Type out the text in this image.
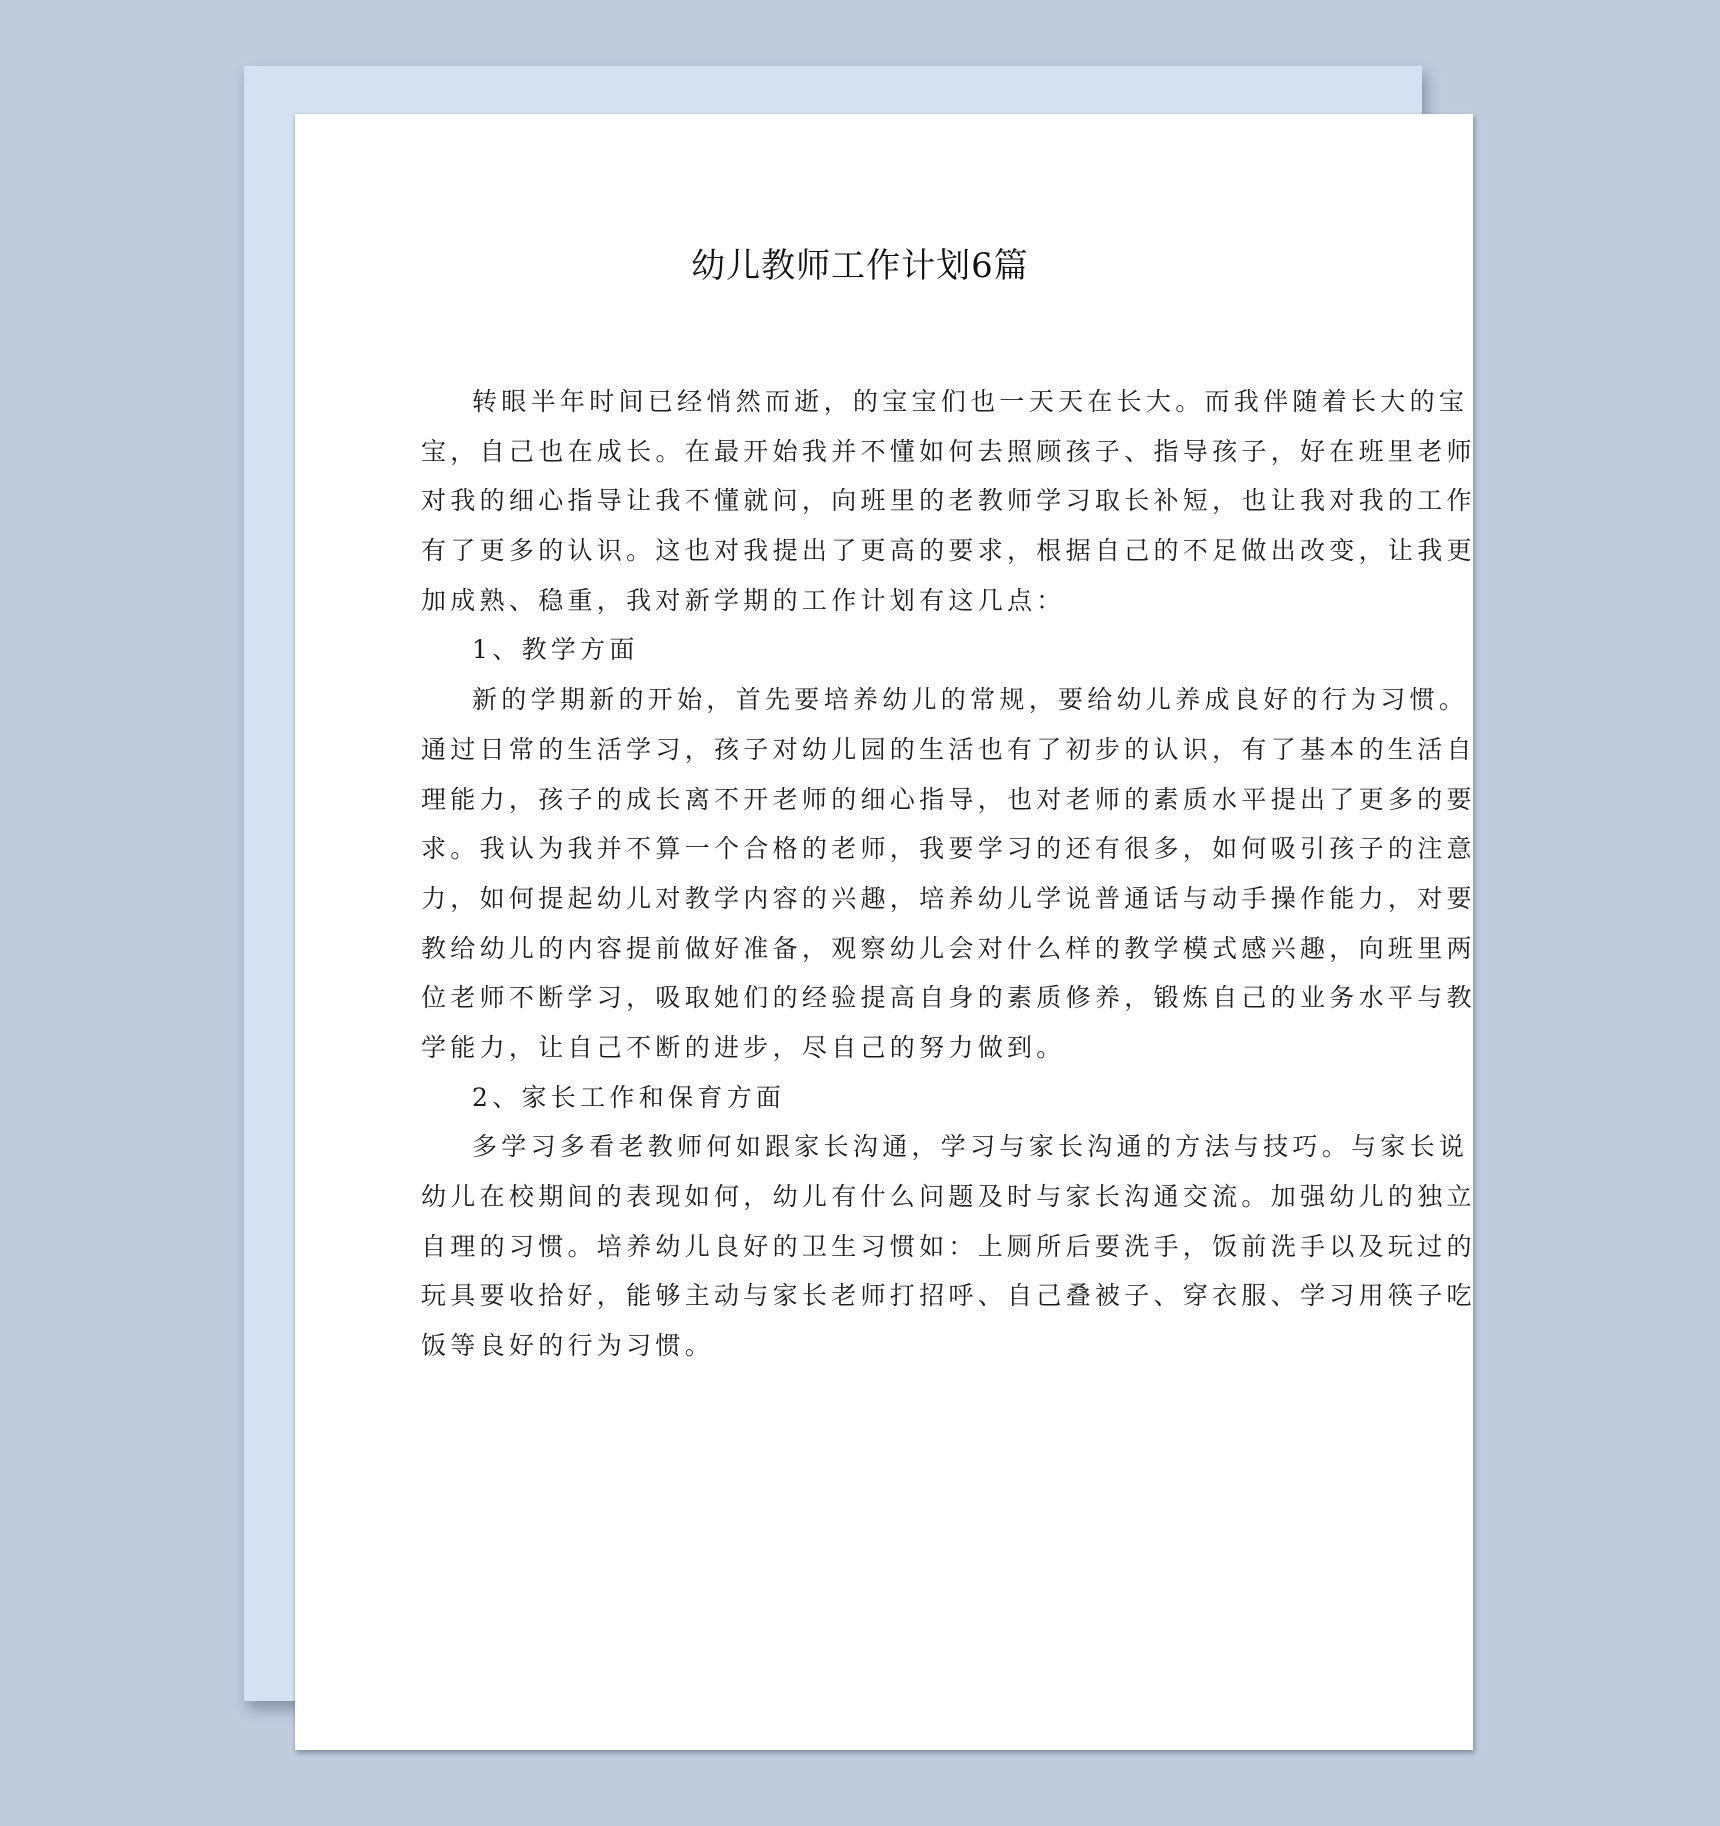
幼儿教师工作计划6篇
转眼半年时间已经悄然而逝，的宝宝们也一天天在长大。而我伴随着长大的宝
宝，自己也在成长。在最开始我并不懂如何去照顾孩子、指导孩子，好在班里老师
对我的细心指导让我不懂就问，向班里的老教师学习取长补短，也让我对我的工作
有了更多的认识。这也对我提出了更高的要求，根据自己的不足做出改变，让我更
加成熟、稳重，我对新学期的工作计划有这几点：
1、教学方面
新的学期新的开始，首先要培养幼儿的常规，要给幼儿养成良好的行为习惯。
通过日常的生活学习，孩子对幼儿园的生活也有了初步的认识，有了基本的生活自
理能力，孩子的成长离不开老师的细心指导，也对老师的素质水平提出了更多的要
求。我认为我并不算一个合格的老师，我要学习的还有很多，如何吸引孩子的注意
力，如何提起幼儿对教学内容的兴趣，培养幼儿学说普通话与动手操作能力，对要
教给幼儿的内容提前做好准备，观察幼儿会对什么样的教学模式感兴趣，向班里两
位老师不断学习，吸取她们的经验提高自身的素质修养，锻炼自己的业务水平与教
学能力，让自己不断的进步，尽自己的努力做到。
2、家长工作和保育方面
多学习多看老教师何如跟家长沟通，学习与家长沟通的方法与技巧。与家长说
幼儿在校期间的表现如何，幼儿有什么问题及时与家长沟通交流。加强幼儿的独立
自理的习惯。培养幼儿良好的卫生习惯如：上厕所后要洗手，饭前洗手以及玩过的
玩具要收拾好，能够主动与家长老师打招呼、自己叠被子、穿衣服、学习用筷子吃
饭等良好的行为习惯。
